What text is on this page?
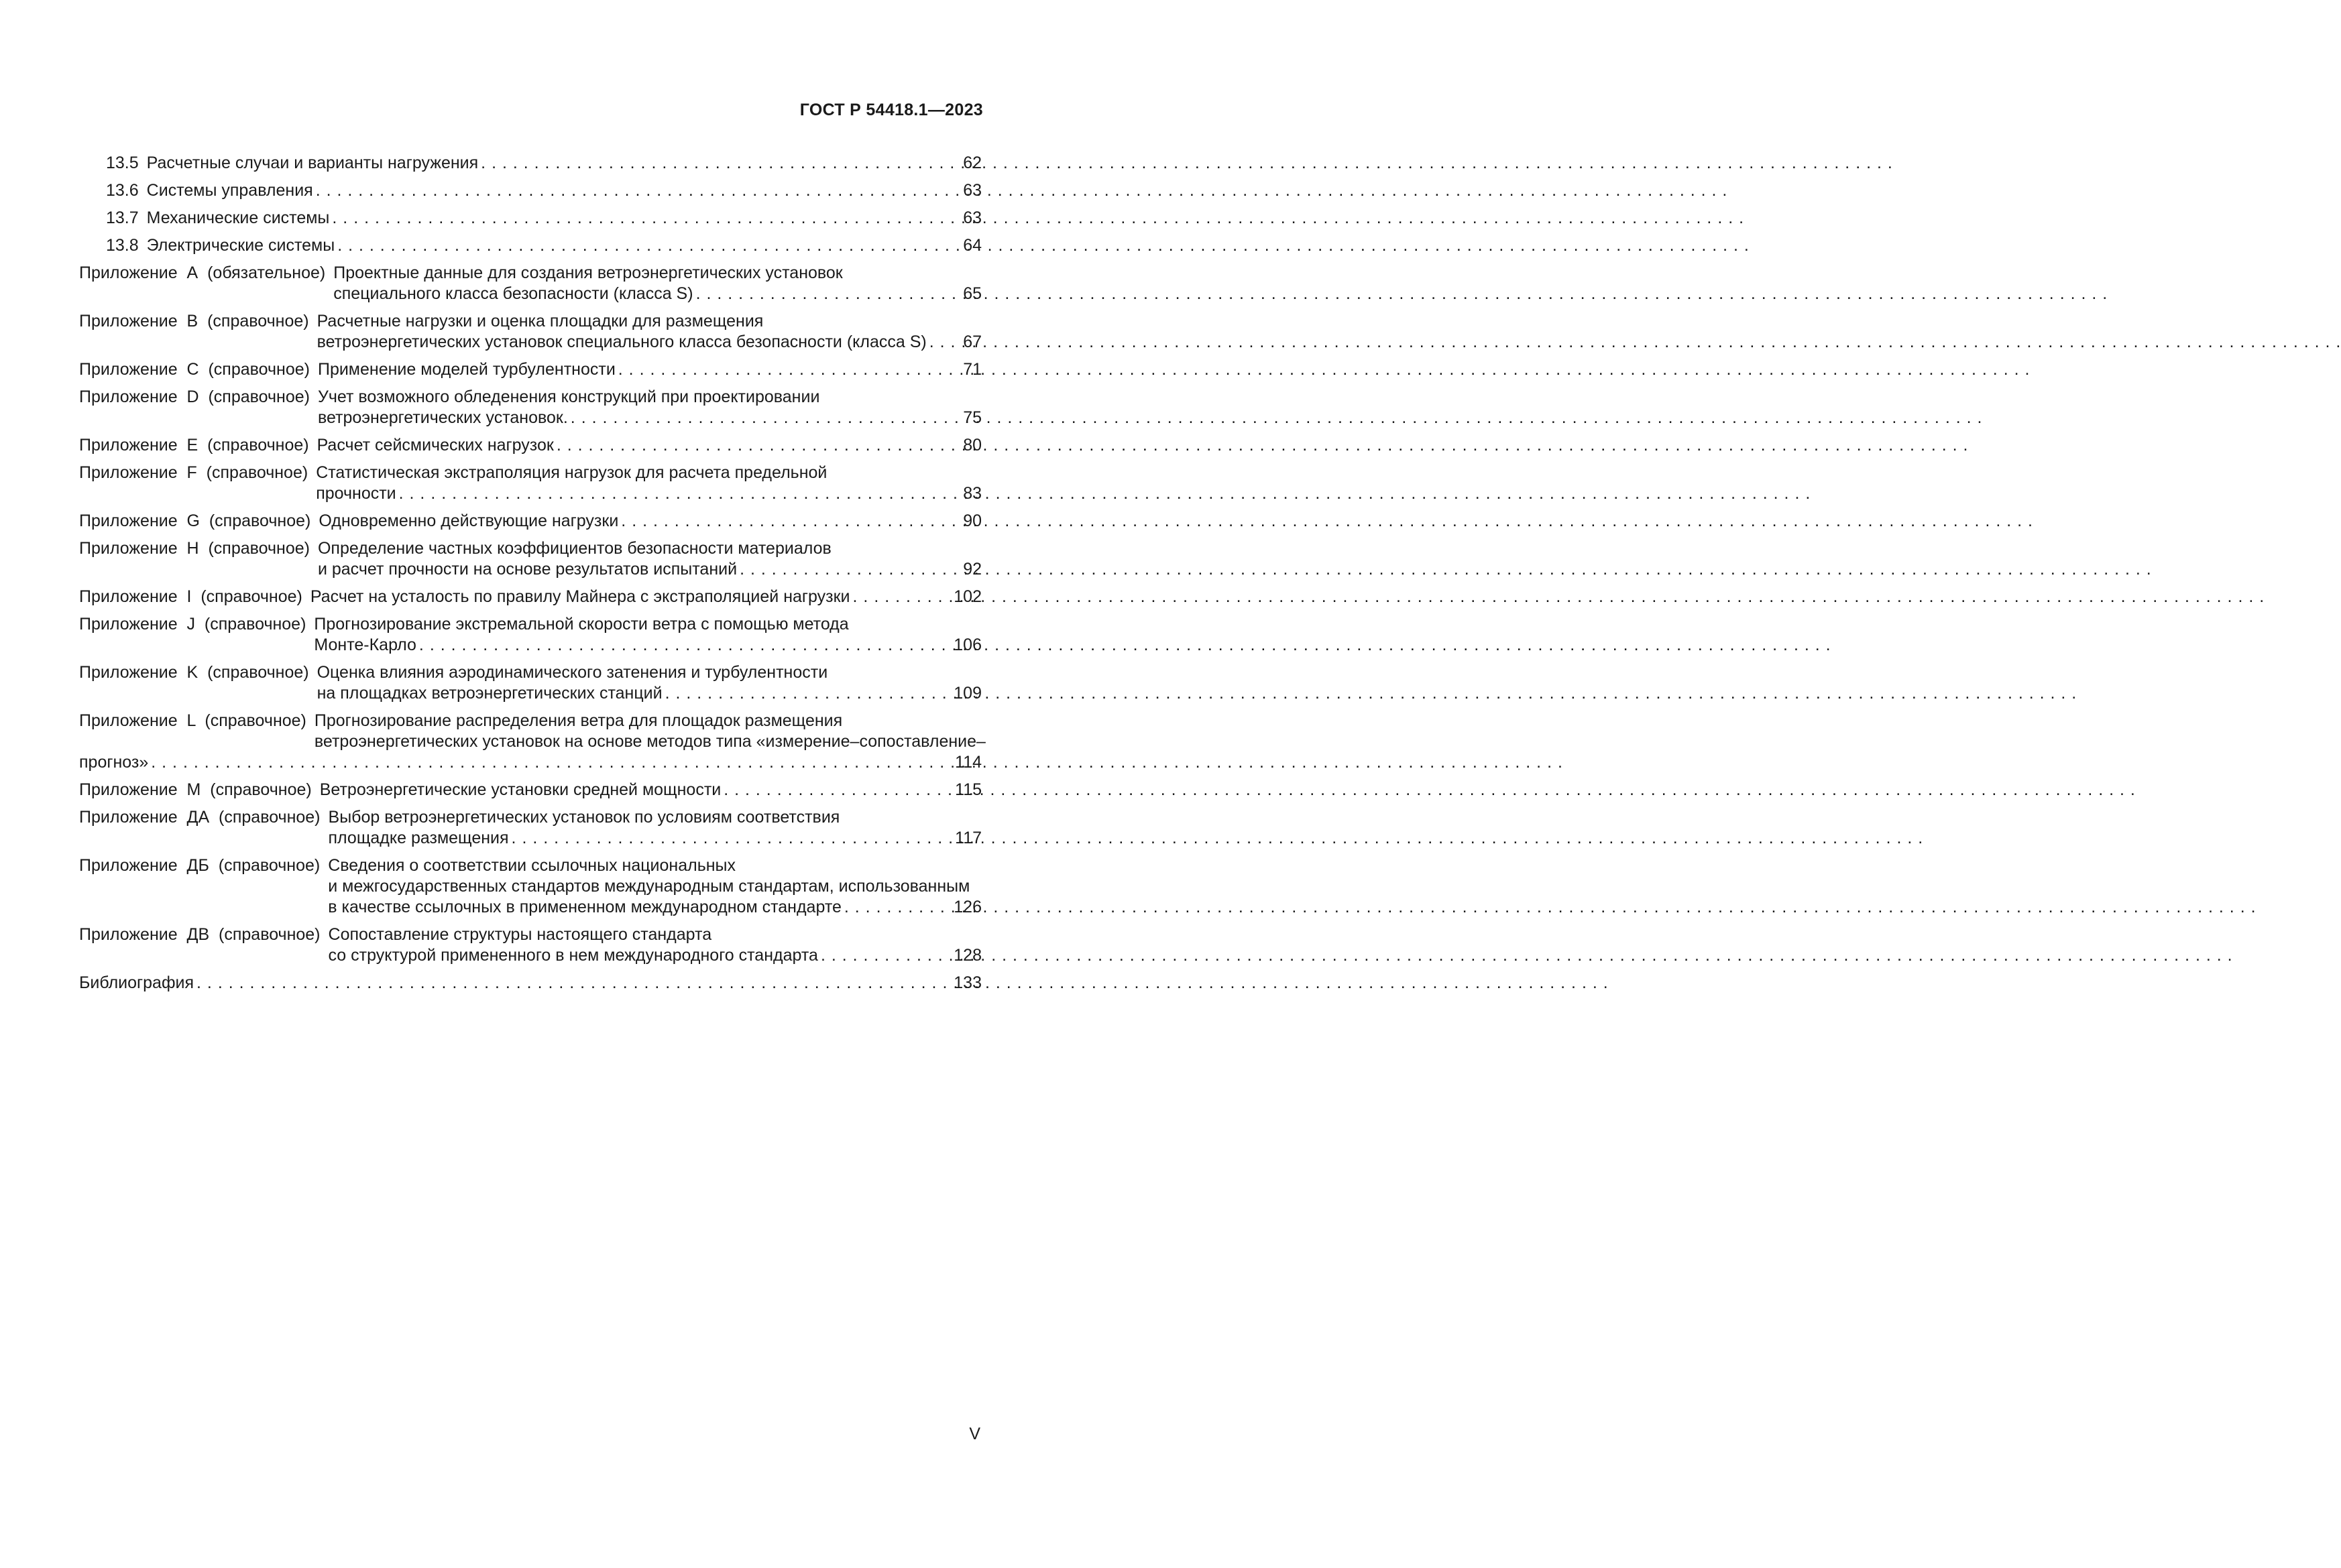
ГОСТ Р 54418.1—2023
13.5 Расчетные случаи и варианты нагружения . . .	62
13.6 Системы управления . . .	63
13.7 Механические системы . . .	63
13.8 Электрические системы . . .	64
Приложение  А  (обязательное) Проектные данные для создания ветроэнергетических установок
специального класса безопасности (класса S) . . .	65
Приложение  В  (справочное) Расчетные нагрузки и оценка площадки для размещения
ветроэнергетических установок специального класса безопасности (класса S) . . . 67
Приложение  С  (справочное) Применение моделей турбулентности . . .	71
Приложение  D  (справочное) Учет возможного обледенения конструкций при проектировании
ветроэнергетических установок. . . .	75
Приложение  Е  (справочное) Расчет сейсмических нагрузок . . .	80
Приложение  F  (справочное) Статистическая экстраполяция нагрузок для расчета предельной
прочности . . .	83
Приложение  G  (справочное) Одновременно действующие нагрузки . . .	90
Приложение  Н  (справочное) Определение частных коэффициентов безопасности материалов
и расчет прочности на основе результатов испытаний . . .	92
Приложение  I  (справочное) Расчет на усталость по правилу Майнера с экстраполяцией нагрузки . . .	102
Приложение  J  (справочное) Прогнозирование экстремальной скорости ветра с помощью метода
Монте-Карло . . .	106
Приложение  K  (справочное) Оценка влияния аэродинамического затенения и турбулентности
на площадках ветроэнергетических станций . . .	109
Приложение  L  (справочное) Прогнозирование распределения ветра для площадок размещения
ветроэнергетических установок на основе методов типа «измерение–сопоставление–
прогноз» . . .	114
Приложение  М  (справочное) Ветроэнергетические установки средней мощности . . .	115
Приложение  ДА  (справочное) Выбор ветроэнергетических установок по условиям соответствия
площадке размещения . . .	117
Приложение  ДБ  (справочное) Сведения о соответствии ссылочных национальных
и межгосударственных стандартов международным стандартам, использованным
в качестве ссылочных в примененном международном стандарте . . .	126
Приложение  ДВ  (справочное) Сопоставление структуры настоящего стандарта
со структурой примененного в нем международного стандарта . . .	128
Библиография . . .	133
V
